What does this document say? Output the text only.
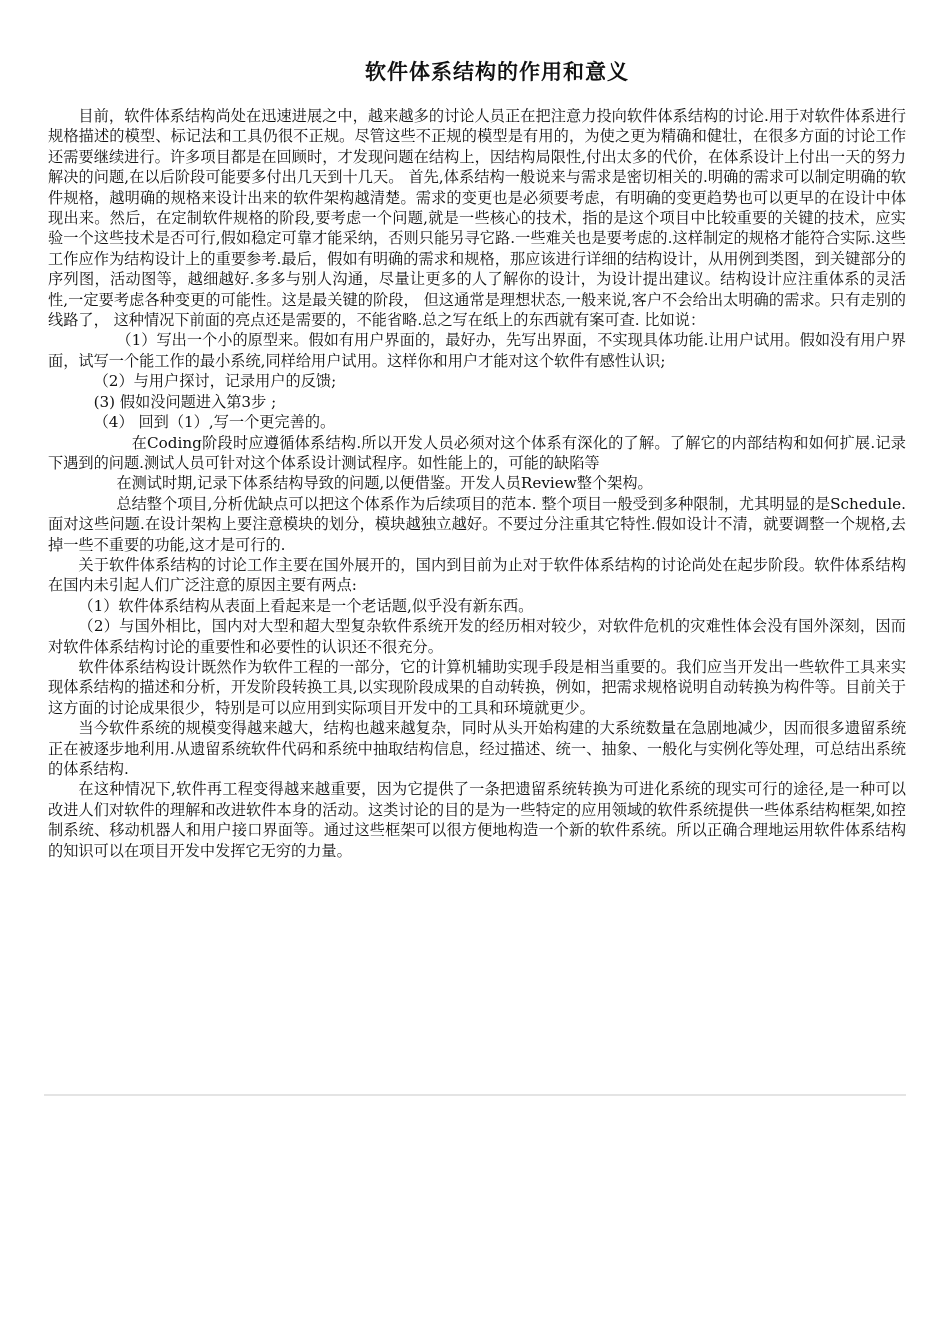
软件体系结构的作用和意义

目前，软件体系结构尚处在迅速进展之中，越来越多的讨论人员正在把注意力投向软件体系结构的讨论.用于对软件体系进行规格描述的模型、标记法和工具仍很不正规。尽管这些不正规的模型是有用的，为使之更为精确和健壮，在很多方面的讨论工作还需要继续进行。许多项目都是在回顾时，才发现问题在结构上，因结构局限性,付出太多的代价，在体系设计上付出一天的努力解决的问题,在以后阶段可能要多付出几天到十几天。 首先,体系结构一般说来与需求是密切相关的.明确的需求可以制定明确的软件规格，越明确的规格来设计出来的软件架构越清楚。需求的变更也是必须要考虑，有明确的变更趋势也可以更早的在设计中体现出来。然后，在定制软件规格的阶段,要考虑一个问题,就是一些核心的技术，指的是这个项目中比较重要的关键的技术，应实验一个这些技术是否可行,假如稳定可靠才能采纳，否则只能另寻它路.一些难关也是要考虑的.这样制定的规格才能符合实际.这些工作应作为结构设计上的重要参考.最后，假如有明确的需求和规格，那应该进行详细的结构设计，从用例到类图，到关键部分的序列图，活动图等，越细越好.多多与别人沟通，尽量让更多的人了解你的设计，为设计提出建议。结构设计应注重体系的灵活性,一定要考虑各种变更的可能性。这是最关键的阶段， 但这通常是理想状态,一般来说,客户不会给出太明确的需求。只有走别的线路了， 这种情况下前面的亮点还是需要的，不能省略.总之写在纸上的东西就有案可查. 比如说：

（1）写出一个小的原型来。假如有用户界面的，最好办，先写出界面，不实现具体功能.让用户试用。假如没有用户界面，试写一个能工作的最小系统,同样给用户试用。这样你和用户才能对这个软件有感性认识;

（2）与用户探讨，记录用户的反馈;

(3) 假如没问题进入第3步 ;

（4） 回到（1）,写一个更完善的。

在Coding阶段时应遵循体系结构.所以开发人员必须对这个体系有深化的了解。了解它的内部结构和如何扩展.记录下遇到的问题.测试人员可针对这个体系设计测试程序。如性能上的，可能的缺陷等

在测试时期,记录下体系结构导致的问题,以便借鉴。开发人员Review整个架构。

总结整个项目,分析优缺点可以把这个体系作为后续项目的范本. 整个项目一般受到多种限制，尤其明显的是Schedule.面对这些问题.在设计架构上要注意模块的划分，模块越独立越好。不要过分注重其它特性.假如设计不清，就要调整一个规格,去掉一些不重要的功能,这才是可行的.

关于软件体系结构的讨论工作主要在国外展开的，国内到目前为止对于软件体系结构的讨论尚处在起步阶段。软件体系结构在国内未引起人们广泛注意的原因主要有两点:

（1）软件体系结构从表面上看起来是一个老话题,似乎没有新东西。

（2）与国外相比，国内对大型和超大型复杂软件系统开发的经历相对较少，对软件危机的灾难性体会没有国外深刻，因而对软件体系结构讨论的重要性和必要性的认识还不很充分。

软件体系结构设计既然作为软件工程的一部分，它的计算机辅助实现手段是相当重要的。我们应当开发出一些软件工具来实现体系结构的描述和分析，开发阶段转换工具,以实现阶段成果的自动转换，例如，把需求规格说明自动转换为构件等。目前关于这方面的讨论成果很少，特别是可以应用到实际项目开发中的工具和环境就更少。

当今软件系统的规模变得越来越大，结构也越来越复杂，同时从头开始构建的大系统数量在急剧地减少，因而很多遗留系统正在被逐步地利用.从遗留系统软件代码和系统中抽取结构信息，经过描述、统一、抽象、一般化与实例化等处理，可总结出系统的体系结构.

在这种情况下,软件再工程变得越来越重要，因为它提供了一条把遗留系统转换为可进化系统的现实可行的途径,是一种可以改进人们对软件的理解和改进软件本身的活动。这类讨论的目的是为一些特定的应用领域的软件系统提供一些体系结构框架,如控制系统、移动机器人和用户接口界面等。通过这些框架可以很方便地构造一个新的软件系统。所以正确合理地运用软件体系结构的知识可以在项目开发中发挥它无穷的力量。
